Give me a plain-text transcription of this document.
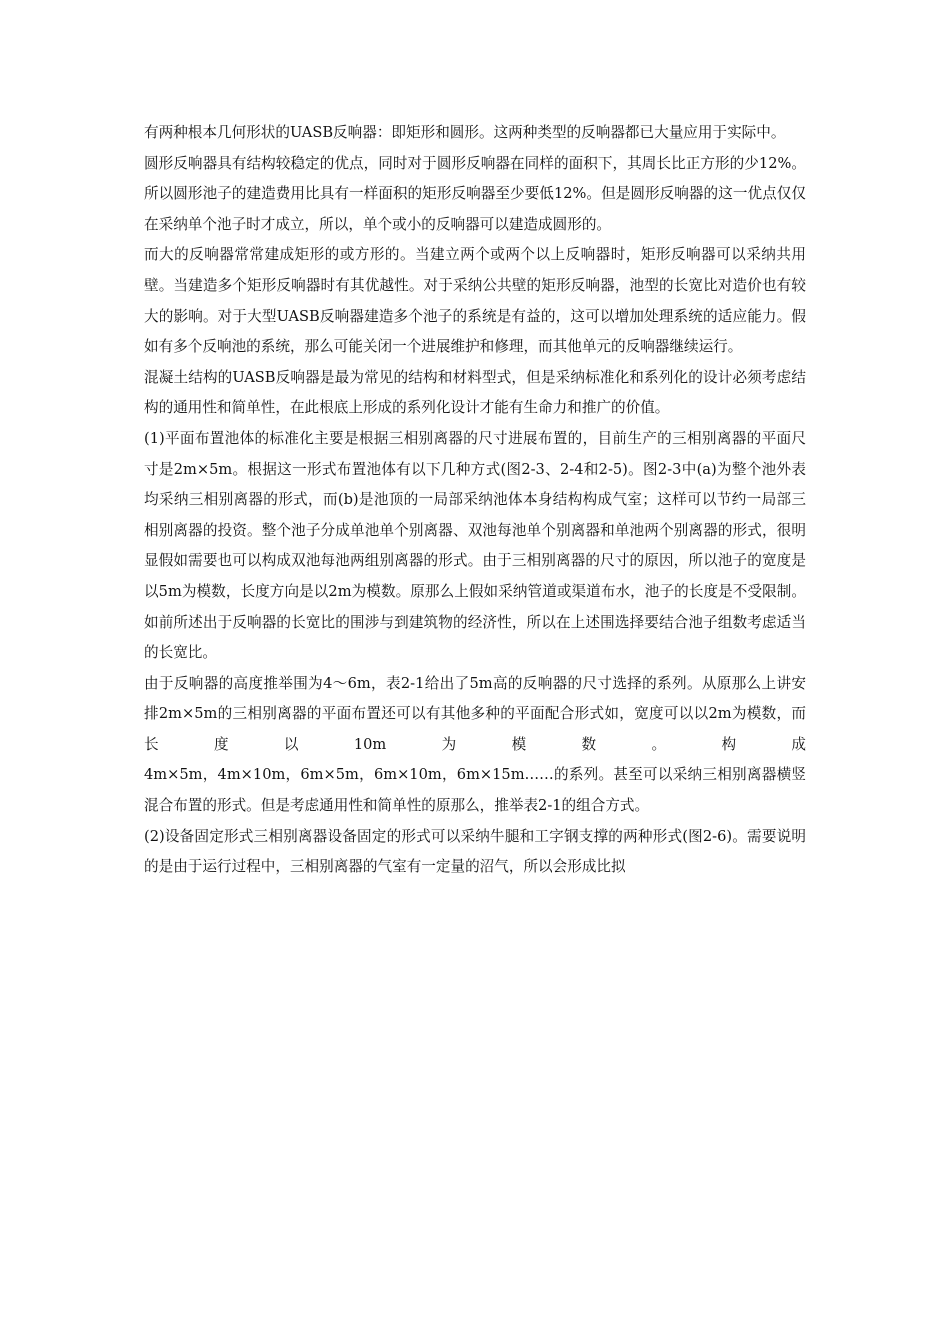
有两种根本几何形状的UASB反响器：即矩形和圆形。这两种类型的反响器都已大量应用于实际中。

圆形反响器具有结构较稳定的优点，同时对于圆形反响器在同样的面积下，其周长比正方形的少12%。所以圆形池子的建造费用比具有一样面积的矩形反响器至少要低12%。但是圆形反响器的这一优点仅仅在采纳单个池子时才成立，所以，单个或小的反响器可以建造成圆形的。

而大的反响器常常建成矩形的或方形的。当建立两个或两个以上反响器时，矩形反响器可以采纳共用壁。当建造多个矩形反响器时有其优越性。对于采纳公共壁的矩形反响器，池型的长宽比对造价也有较大的影响。对于大型UASB反响器建造多个池子的系统是有益的，这可以增加处理系统的适应能力。假如有多个反响池的系统，那么可能关闭一个进展维护和修理，而其他单元的反响器继续运行。

混凝土结构的UASB反响器是最为常见的结构和材料型式，但是采纳标准化和系列化的设计必须考虑结构的通用性和简单性，在此根底上形成的系列化设计才能有生命力和推广的价值。

(1)平面布置池体的标准化主要是根据三相别离器的尺寸进展布置的，目前生产的三相别离器的平面尺寸是2m×5m。根据这一形式布置池体有以下几种方式(图2-3、2-4和2-5)。图2-3中(a)为整个池外表均采纳三相别离器的形式，而(b)是池顶的一局部采纳池体本身结构构成气室；这样可以节约一局部三相别离器的投资。整个池子分成单池单个别离器、双池每池单个别离器和单池两个别离器的形式，很明显假如需要也可以构成双池每池两组别离器的形式。由于三相别离器的尺寸的原因，所以池子的宽度是以5m为模数，长度方向是以2m为模数。原那么上假如采纳管道或渠道布水，池子的长度是不受限制。如前所述出于反响器的长宽比的围涉与到建筑物的经济性，所以在上述围选择要结合池子组数考虑适当的长宽比。

由于反响器的高度推举围为4～6m，表2-1给出了5m高的反响器的尺寸选择的系列。从原那么上讲安排2m×5m的三相别离器的平面布置还可以有其他多种的平面配合形式如，宽度可以以2m为模数，而长度以10m为模数。构成

4m×5m，4m×10m，6m×5m，6m×10m，6m×15m……的系列。甚至可以采纳三相别离器横竖混合布置的形式。但是考虑通用性和简单性的原那么，推举表2-1的组合方式。

(2)设备固定形式三相别离器设备固定的形式可以采纳牛腿和工字钢支撑的两种形式(图2-6)。需要说明的是由于运行过程中，三相别离器的气室有一定量的沼气，所以会形成比拟
